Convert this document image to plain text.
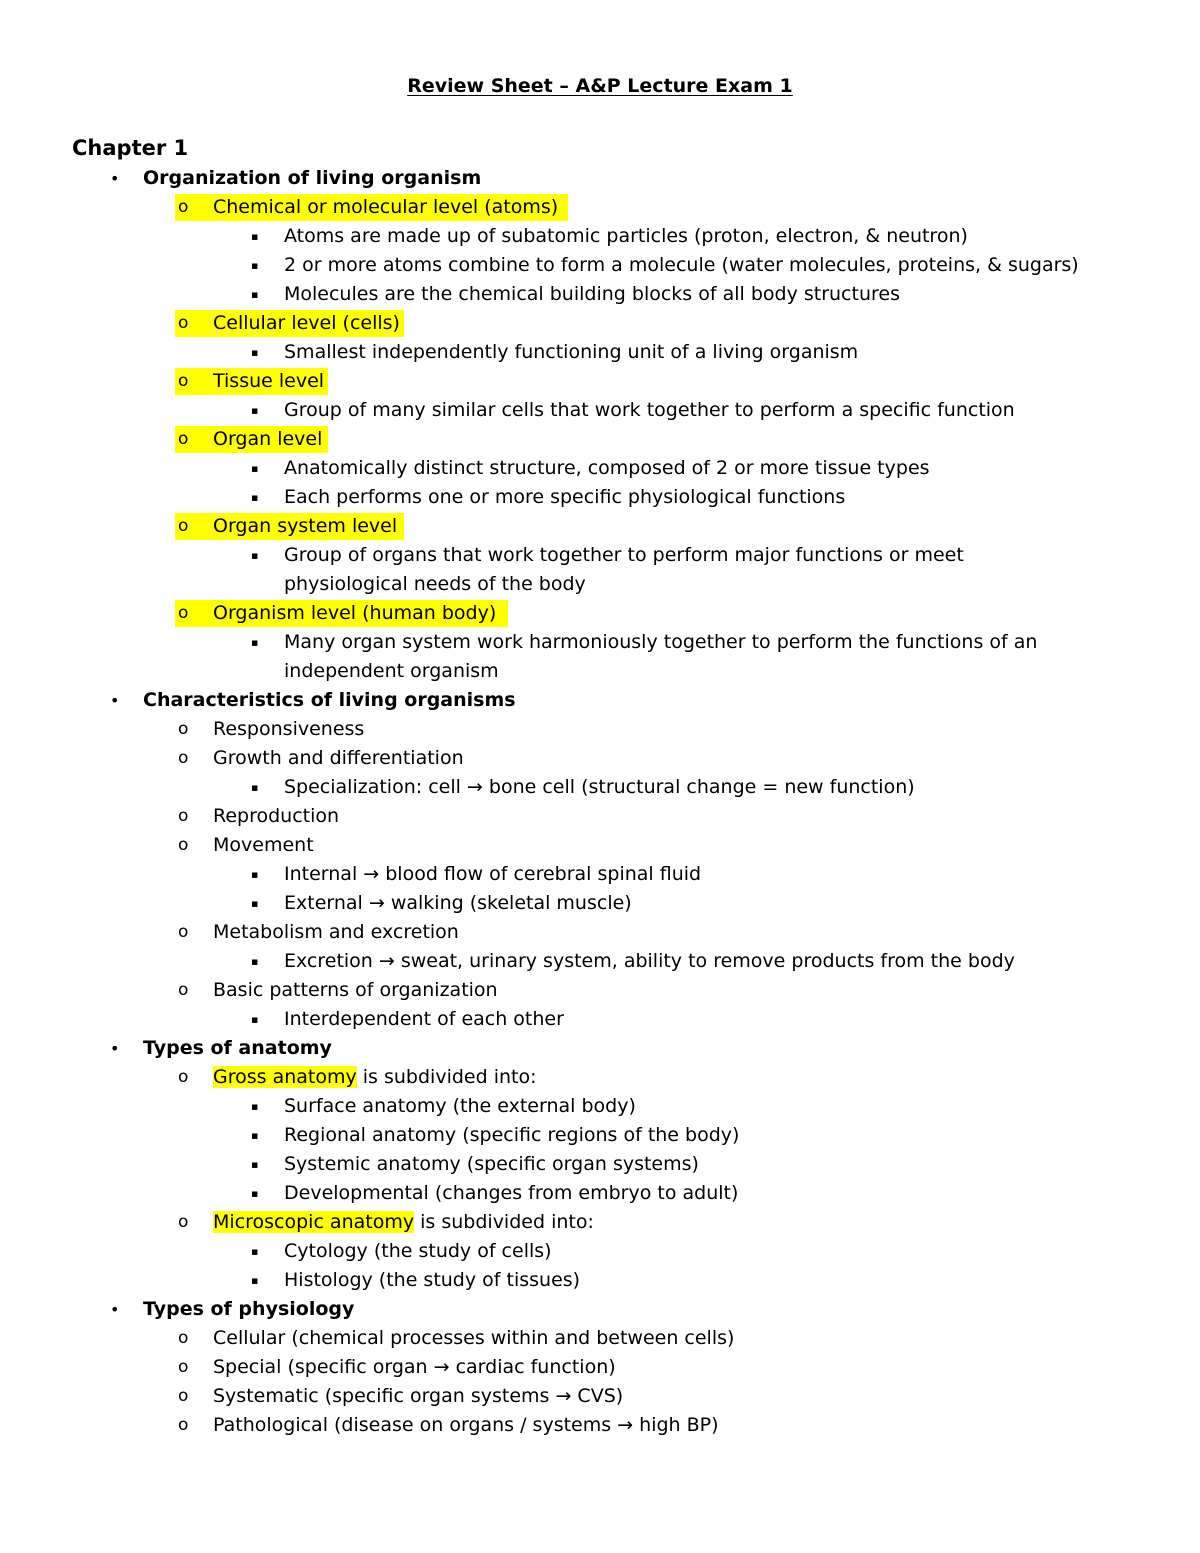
Review Sheet – A&P Lecture Exam 1
Chapter 1
• Organization of living organism
o Chemical or molecular level (atoms)
▪ Atoms are made up of subatomic particles (proton, electron, & neutron)
▪ 2 or more atoms combine to form a molecule (water molecules, proteins, & sugars)
▪ Molecules are the chemical building blocks of all body structures
o Cellular level (cells)
▪ Smallest independently functioning unit of a living organism
o Tissue level
▪ Group of many similar cells that work together to perform a specific function
o Organ level
▪ Anatomically distinct structure, composed of 2 or more tissue types
▪ Each performs one or more specific physiological functions
o Organ system level
▪ Group of organs that work together to perform major functions or meet physiological needs of the body
o Organism level (human body)
▪ Many organ system work harmoniously together to perform the functions of an independent organism
• Characteristics of living organisms
o Responsiveness
o Growth and differentiation
▪ Specialization: cell → bone cell (structural change = new function)
o Reproduction
o Movement
▪ Internal → blood flow of cerebral spinal fluid
▪ External → walking (skeletal muscle)
o Metabolism and excretion
▪ Excretion → sweat, urinary system, ability to remove products from the body
o Basic patterns of organization
▪ Interdependent of each other
• Types of anatomy
o Gross anatomy is subdivided into:
▪ Surface anatomy (the external body)
▪ Regional anatomy (specific regions of the body)
▪ Systemic anatomy (specific organ systems)
▪ Developmental (changes from embryo to adult)
o Microscopic anatomy is subdivided into:
▪ Cytology (the study of cells)
▪ Histology (the study of tissues)
• Types of physiology
o Cellular (chemical processes within and between cells)
o Special (specific organ → cardiac function)
o Systematic (specific organ systems → CVS)
o Pathological (disease on organs / systems → high BP)
